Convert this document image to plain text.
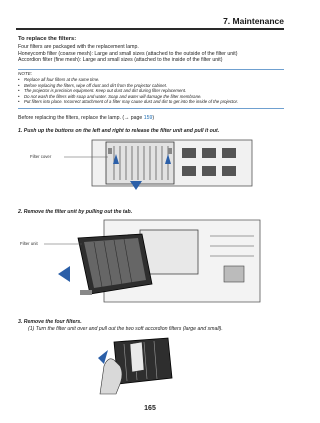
7. Maintenance
To replace the filters:
Four filters are packaged with the replacement lamp.
Honeycomb filter (coarse mesh): Large and small sizes (attached to the outside of the filter unit)
Accordion filter (fine mesh): Large and small sizes (attached to the inside of the filter unit)
NOTE:
• Replace all four filters at the same time.
• Before replacing the filters, wipe off dust and dirt from the projector cabinet.
• The projector is precision equipment. Keep out dust and dirt during filter replacement.
• Do not wash the filters with soap and water. Soap and water will damage the filter membrane.
• Put filters into place. Incorrect attachment of a filter may cause dust and dirt to get into the inside of the projector.
Before replacing the filters, replace the lamp. (→ page 159)
1. Push up the buttons on the left and right to release the filter unit and pull it out.
Filter cover
2. Remove the filter unit by pulling out the tab.
Filter unit
3. Remove the four filters.
(1) Turn the filter unit over and pull out the two soft accordion filters (large and small).
165
